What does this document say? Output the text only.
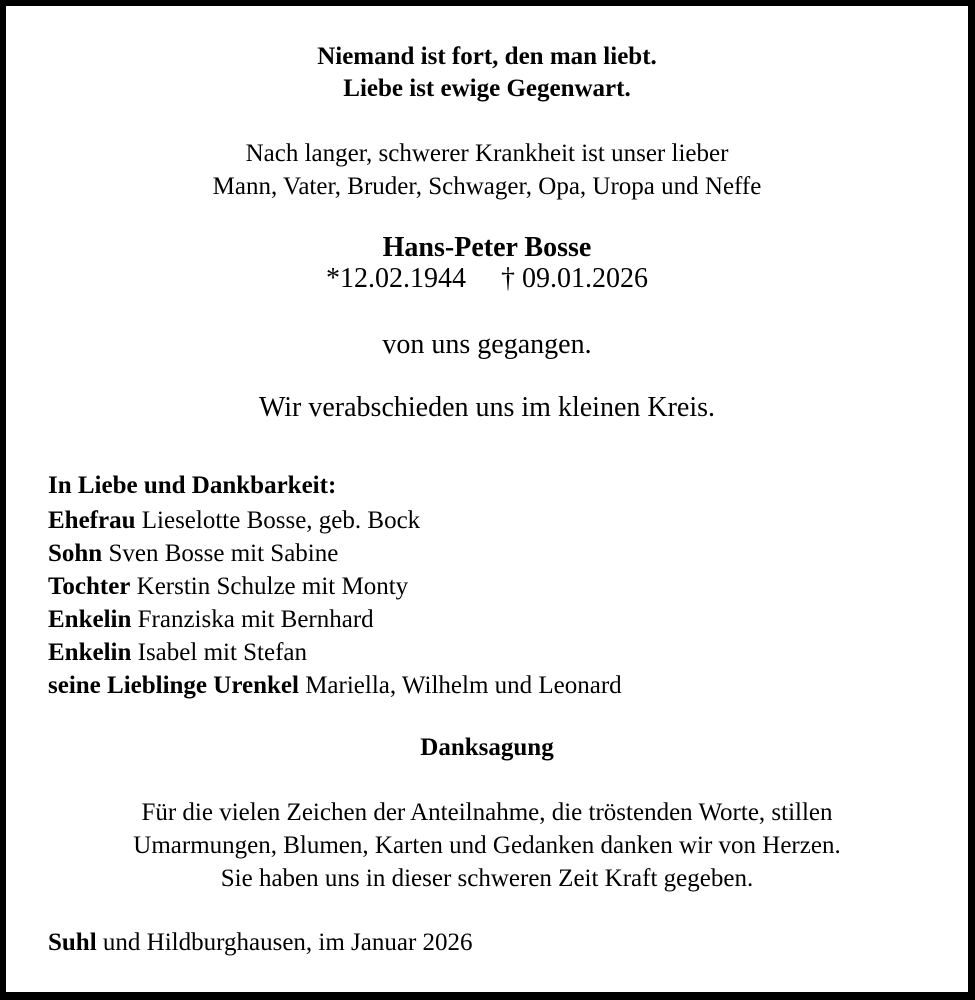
Niemand ist fort, den man liebt.
Liebe ist ewige Gegenwart.
Nach langer, schwerer Krankheit ist unser lieber
Mann, Vater, Bruder, Schwager, Opa, Uropa und Neffe
Hans-Peter Bosse
*12.02.1944 † 09.01.2026
von uns gegangen.
Wir verabschieden uns im kleinen Kreis.
In Liebe und Dankbarkeit:
Ehefrau Lieselotte Bosse, geb. Bock
Sohn Sven Bosse mit Sabine
Tochter Kerstin Schulze mit Monty
Enkelin Franziska mit Bernhard
Enkelin Isabel mit Stefan
seine Lieblinge Urenkel Mariella, Wilhelm und Leonard
Danksagung
Für die vielen Zeichen der Anteilnahme, die tröstenden Worte, stillen
Umarmungen, Blumen, Karten und Gedanken danken wir von Herzen.
Sie haben uns in dieser schweren Zeit Kraft gegeben.
Suhl und Hildburghausen, im Januar 2026
